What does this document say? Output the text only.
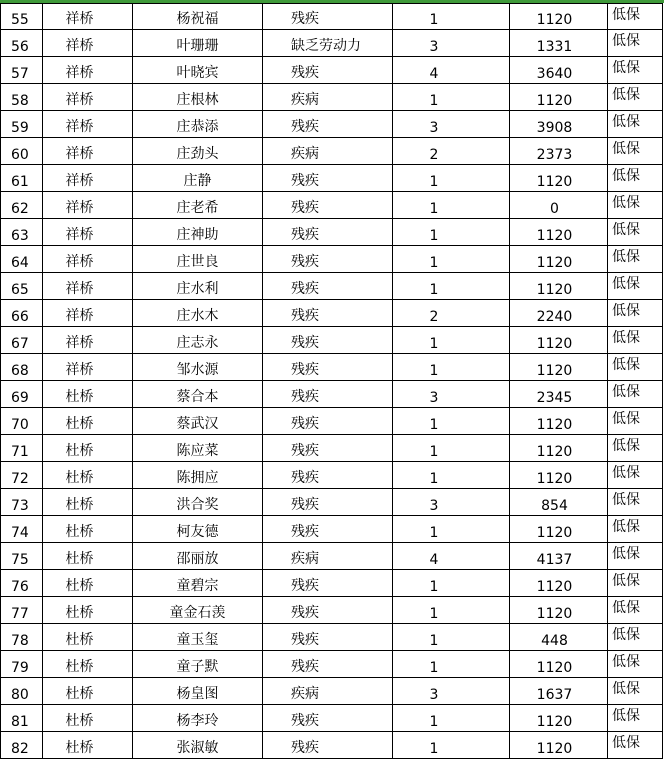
55	祥桥	杨祝福	残疾	1	1120	低保
56	祥桥	叶珊珊	缺乏劳动力	3	1331	低保
57	祥桥	叶晓宾	残疾	4	3640	低保
58	祥桥	庄根林	疾病	1	1120	低保
59	祥桥	庄恭添	残疾	3	3908	低保
60	祥桥	庄劲头	疾病	2	2373	低保
61	祥桥	庄静	残疾	1	1120	低保
62	祥桥	庄老希	残疾	1	0	低保
63	祥桥	庄神助	残疾	1	1120	低保
64	祥桥	庄世良	残疾	1	1120	低保
65	祥桥	庄水利	残疾	1	1120	低保
66	祥桥	庄水木	残疾	2	2240	低保
67	祥桥	庄志永	残疾	1	1120	低保
68	祥桥	邹水源	残疾	1	1120	低保
69	杜桥	蔡合本	残疾	3	2345	低保
70	杜桥	蔡武汉	残疾	1	1120	低保
71	杜桥	陈应菜	残疾	1	1120	低保
72	杜桥	陈拥应	残疾	1	1120	低保
73	杜桥	洪合奖	残疾	3	854	低保
74	杜桥	柯友德	残疾	1	1120	低保
75	杜桥	邵丽放	疾病	4	4137	低保
76	杜桥	童碧宗	残疾	1	1120	低保
77	杜桥	童金石羡	残疾	1	1120	低保
78	杜桥	童玉玺	残疾	1	448	低保
79	杜桥	童子默	残疾	1	1120	低保
80	杜桥	杨皇图	疾病	3	1637	低保
81	杜桥	杨李玲	残疾	1	1120	低保
82	杜桥	张淑敏	残疾	1	1120	低保
